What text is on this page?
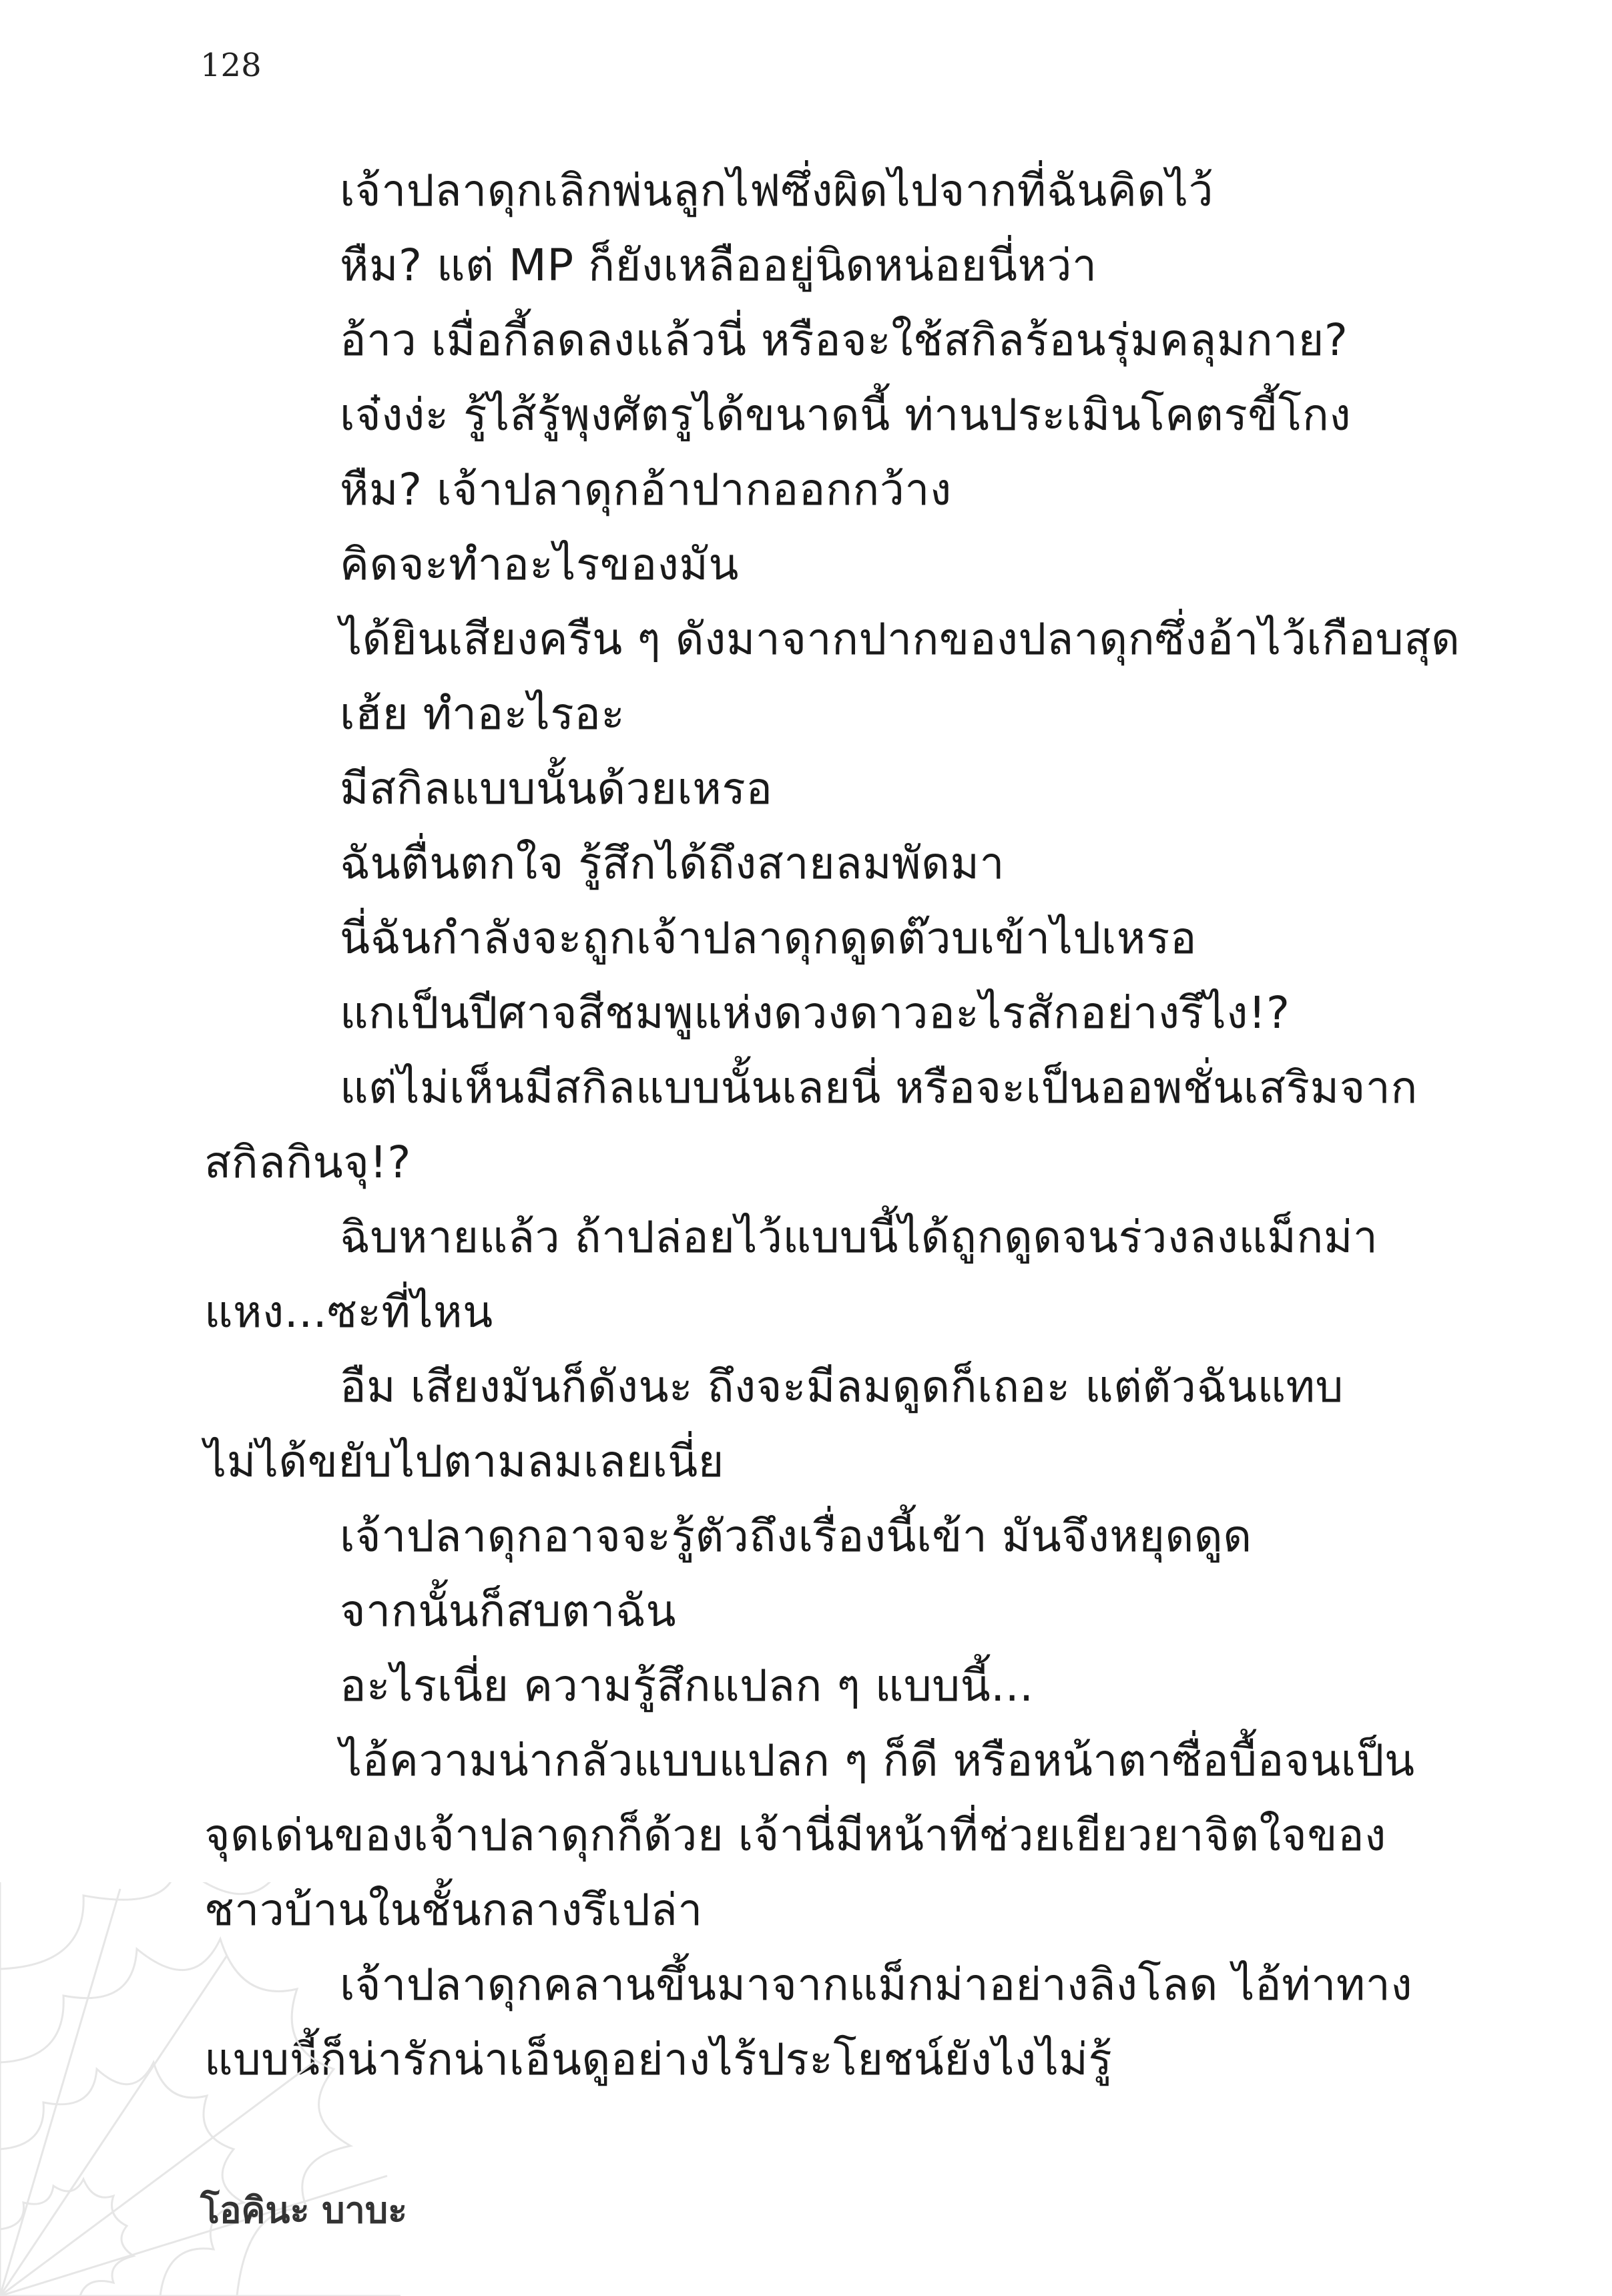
128
เจ้าปลาดุกเลิกพ่นลูกไฟซึ่งผิดไปจากที่ฉันคิดไว้
หืม? แต่ MP ก็ยังเหลืออยู่นิดหน่อยนี่หว่า
อ้าว เมื่อกี้ลดลงแล้วนี่ หรือจะใช้สกิลร้อนรุ่มคลุมกาย?
เจ๋งง่ะ รู้ไส้รู้พุงศัตรูได้ขนาดนี้ ท่านประเมินโคตรขี้โกง
หืม? เจ้าปลาดุกอ้าปากออกกว้าง
คิดจะทำอะไรของมัน
ได้ยินเสียงครืน ๆ ดังมาจากปากของปลาดุกซึ่งอ้าไว้เกือบสุด
เฮ้ย ทำอะไรอะ
มีสกิลแบบนั้นด้วยเหรอ
ฉันตื่นตกใจ รู้สึกได้ถึงสายลมพัดมา
นี่ฉันกำลังจะถูกเจ้าปลาดุกดูดต๊วบเข้าไปเหรอ
แกเป็นปีศาจสีชมพูแห่งดวงดาวอะไรสักอย่างรึไง!?
แต่ไม่เห็นมีสกิลแบบนั้นเลยนี่ หรือจะเป็นออพชั่นเสริมจาก
สกิลกินจุ!?
ฉิบหายแล้ว ถ้าปล่อยไว้แบบนี้ได้ถูกดูดจนร่วงลงแม็กม่า
แหง...ซะที่ไหน
อืม เสียงมันก็ดังนะ ถึงจะมีลมดูดก็เถอะ แต่ตัวฉันแทบ
ไม่ได้ขยับไปตามลมเลยเนี่ย
เจ้าปลาดุกอาจจะรู้ตัวถึงเรื่องนี้เข้า มันจึงหยุดดูด
จากนั้นก็สบตาฉัน
อะไรเนี่ย ความรู้สึกแปลก ๆ แบบนี้...
ไอ้ความน่ากลัวแบบแปลก ๆ ก็ดี หรือหน้าตาซื่อบื้อจนเป็น
จุดเด่นของเจ้าปลาดุกก็ด้วย เจ้านี่มีหน้าที่ช่วยเยียวยาจิตใจของ
ชาวบ้านในชั้นกลางรึเปล่า
เจ้าปลาดุกคลานขึ้นมาจากแม็กม่าอย่างลิงโลด ไอ้ท่าทาง
แบบนี้ก็น่ารักน่าเอ็นดูอย่างไร้ประโยชน์ยังไงไม่รู้
โอคินะ บาบะ
